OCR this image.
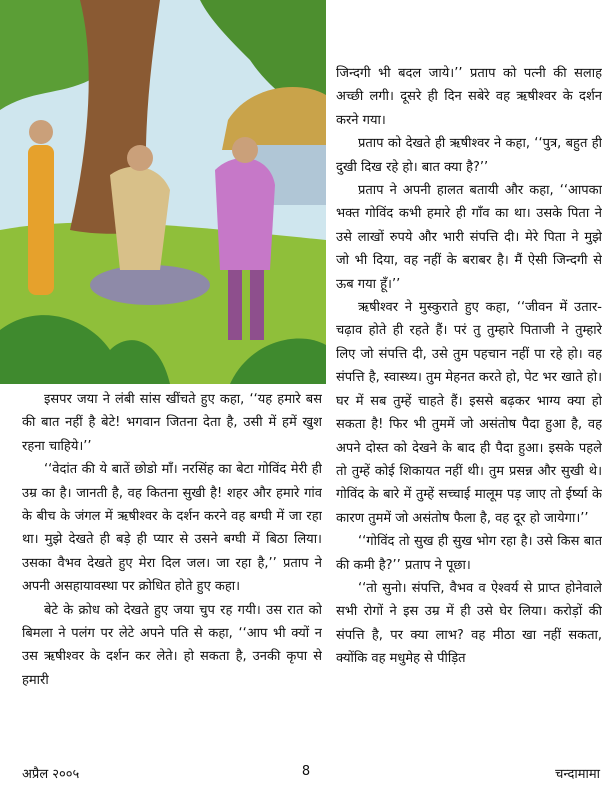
इसपर जया ने लंबी सांस खींचते हुए कहा, ‘‘यह हमारे बस की बात नहीं है बेटे! भगवान जितना देता है, उसी में हमें खुश रहना चाहिये।’’

‘‘वेदांत की ये बातें छोडो माँ। नरसिंह का बेटा गोविंद मेरी ही उम्र का है। जानती है, वह कितना सुखी है! शहर और हमारे गांव के बीच के जंगल में ऋषीश्वर के दर्शन करने वह बग्घी में जा रहा था। मुझे देखते ही बड़े ही प्यार से उसने बग्घी में बिठा लिया। उसका वैभव देखते हुए मेरा दिल जल। जा रहा है,’’ प्रताप ने अपनी असहायावस्था पर क्रोधित होते हुए कहा।

बेटे के क्रोध को देखते हुए जया चुप रह गयी। उस रात को बिमला ने पलंग पर लेटे अपने पति से कहा, ‘‘आप भी क्यों न उस ऋषीश्वर के दर्शन कर लेते। हो सकता है, उनकी कृपा से हमारी

जिन्दगी भी बदल जाये।’’ प्रताप को पत्नी की सलाह अच्छी लगी। दूसरे ही दिन सबेरे वह ऋषीश्वर के दर्शन करने गया।

प्रताप को देखते ही ऋषीश्वर ने कहा, ‘‘पुत्र, बहुत ही दुखी दिख रहे हो। बात क्या है?’’

प्रताप ने अपनी हालत बतायी और कहा, ‘‘आपका भक्त गोविंद कभी हमारे ही गाँव का था। उसके पिता ने उसे लाखों रुपये और भारी संपत्ति दी। मेरे पिता ने मुझे जो भी दिया, वह नहीं के बराबर है। मैं ऐसी जिन्दगी से ऊब गया हूँ।’’

ऋषीश्वर ने मुस्कुराते हुए कहा, ‘‘जीवन में उतार-चढ़ाव होते ही रहते हैं। परं तु तुम्हारे पिताजी ने तुम्हारे लिए जो संपत्ति दी, उसे तुम पहचान नहीं पा रहे हो। वह संपत्ति है, स्वास्थ्य। तुम मेहनत करते हो, पेट भर खाते हो। घर में सब तुम्हें चाहते हैं। इससे बढ़कर भाग्य क्या हो सकता है! फिर भी तुममें जो असंतोष पैदा हुआ है, वह अपने दोस्त को देखने के बाद ही पैदा हुआ। इसके पहले तो तुम्हें कोई शिकायत नहीं थी। तुम प्रसन्न और सुखी थे। गोविंद के बारे में तुम्हें सच्चाई मालूम पड़ जाए तो ईर्ष्या के कारण तुममें जो असंतोष फैला है, वह दूर हो जायेगा।’’

‘‘गोविंद तो सुख ही सुख भोग रहा है। उसे किस बात की कमी है?’’ प्रताप ने पूछा।

‘‘तो सुनो। संपत्ति, वैभव व ऐश्वर्य से प्राप्त होनेवाले सभी रोगों ने इस उम्र में ही उसे घेर लिया। करोड़ों की संपत्ति है, पर क्या लाभ? वह मीठा खा नहीं सकता, क्योंकि वह मधुमेह से पीड़ित

अप्रैल २००५	8	चन्दामामा
